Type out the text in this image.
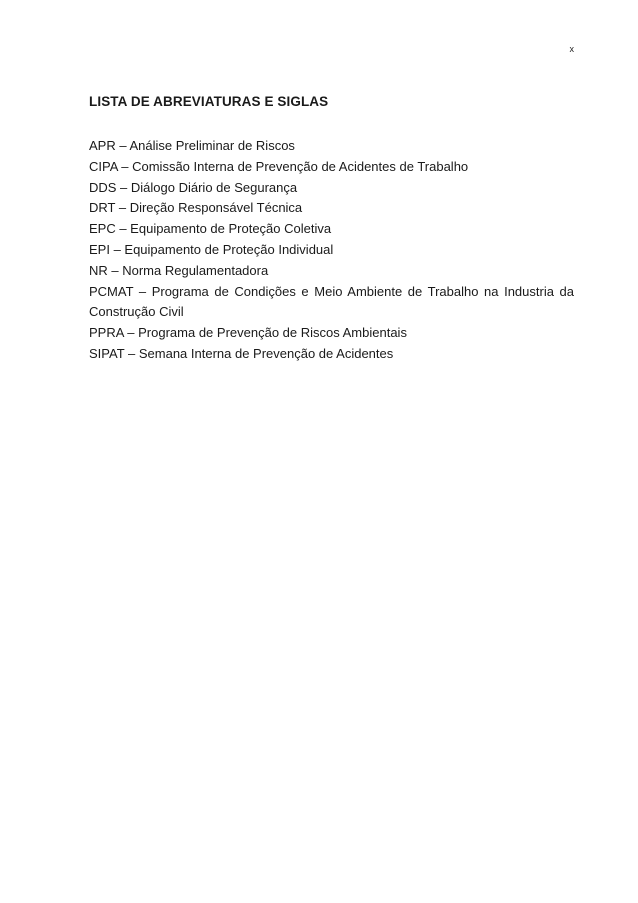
x
LISTA DE ABREVIATURAS E SIGLAS
APR – Análise Preliminar de Riscos
CIPA – Comissão Interna de Prevenção de Acidentes de Trabalho
DDS – Diálogo Diário de Segurança
DRT – Direção Responsável Técnica
EPC – Equipamento de Proteção Coletiva
EPI – Equipamento de Proteção Individual
NR – Norma Regulamentadora
PCMAT – Programa de Condições e Meio Ambiente de Trabalho na Industria da
Construção Civil
PPRA – Programa de Prevenção de Riscos Ambientais
SIPAT – Semana Interna de Prevenção de Acidentes
